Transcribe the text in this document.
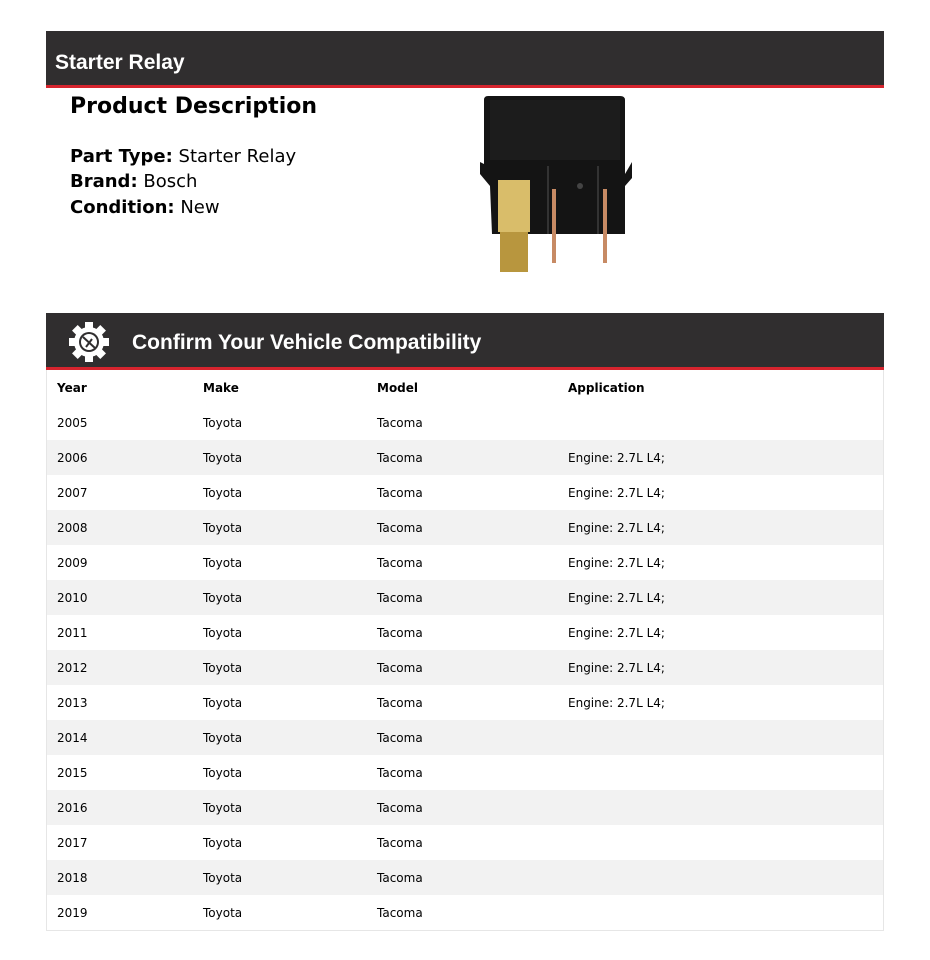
Starter Relay
Product Description
Part Type: Starter Relay
Brand: Bosch
Condition: New
Confirm Your Vehicle Compatibility
Year	Make	Model	Application
2005	Toyota	Tacoma	
2006	Toyota	Tacoma	Engine: 2.7L L4;
2007	Toyota	Tacoma	Engine: 2.7L L4;
2008	Toyota	Tacoma	Engine: 2.7L L4;
2009	Toyota	Tacoma	Engine: 2.7L L4;
2010	Toyota	Tacoma	Engine: 2.7L L4;
2011	Toyota	Tacoma	Engine: 2.7L L4;
2012	Toyota	Tacoma	Engine: 2.7L L4;
2013	Toyota	Tacoma	Engine: 2.7L L4;
2014	Toyota	Tacoma	
2015	Toyota	Tacoma	
2016	Toyota	Tacoma	
2017	Toyota	Tacoma	
2018	Toyota	Tacoma	
2019	Toyota	Tacoma	
